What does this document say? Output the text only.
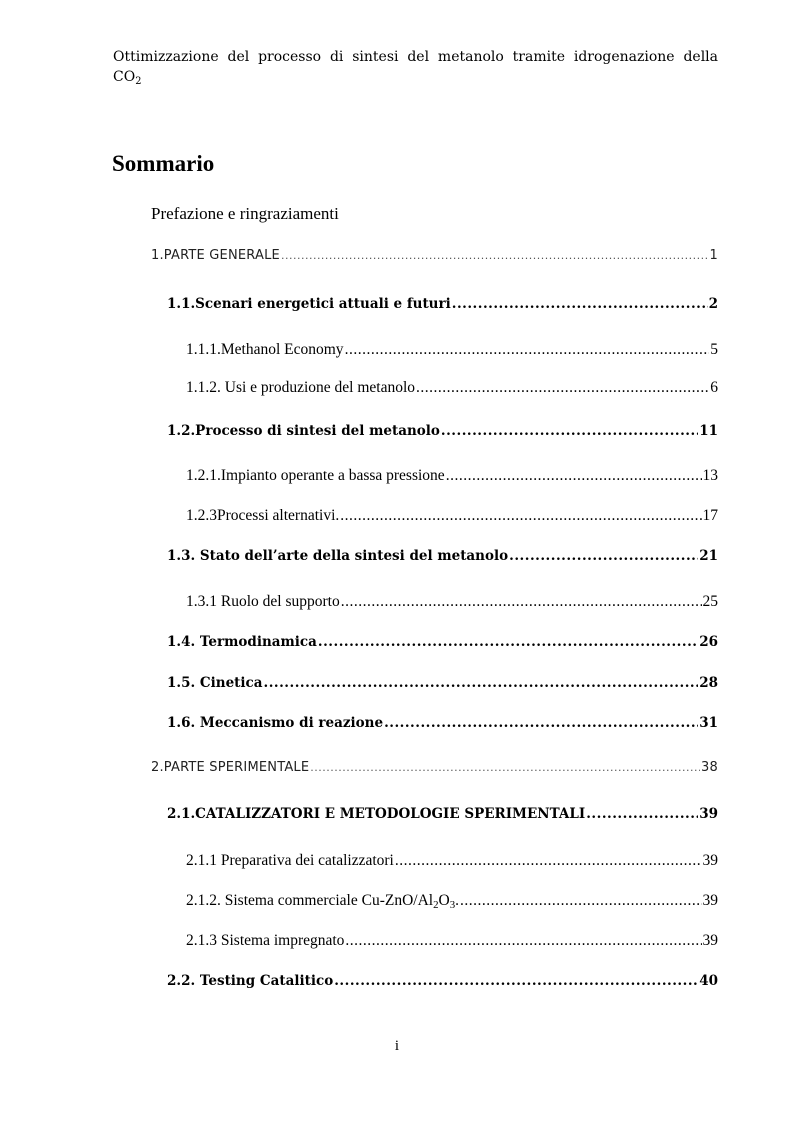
Ottimizzazione del processo di sintesi del metanolo tramite idrogenazione della
$CO_2$
Sommario
Prefazione e ringraziamenti
1.PARTE GENERALE .....	1
1.1.Scenari energetici attuali e futuri .....	2
1.1.1.Methanol Economy .....	5
1.1.2. Usi e produzione del metanolo .....	6
1.2.Processo di sintesi del metanolo .....	11
1.2.1.Impianto operante a bassa pressione .....	13
1.2.3Processi alternativi. .....	17
1.3. Stato dell’arte della sintesi del metanolo .....	21
1.3.1 Ruolo del supporto .....	25
1.4. Termodinamica .....	26
1.5. Cinetica .....	28
1.6. Meccanismo di reazione .....	31
2.PARTE SPERIMENTALE .....	38
2.1.CATALIZZATORI E METODOLOGIE SPERIMENTALI .....	39
2.1.1 Preparativa dei catalizzatori .....	39
2.1.2. Sistema commerciale $Cu-ZnO/Al_2O_3$. .....	39
2.1.3 Sistema impregnato .....	39
2.2. Testing Catalitico .....	40
i
